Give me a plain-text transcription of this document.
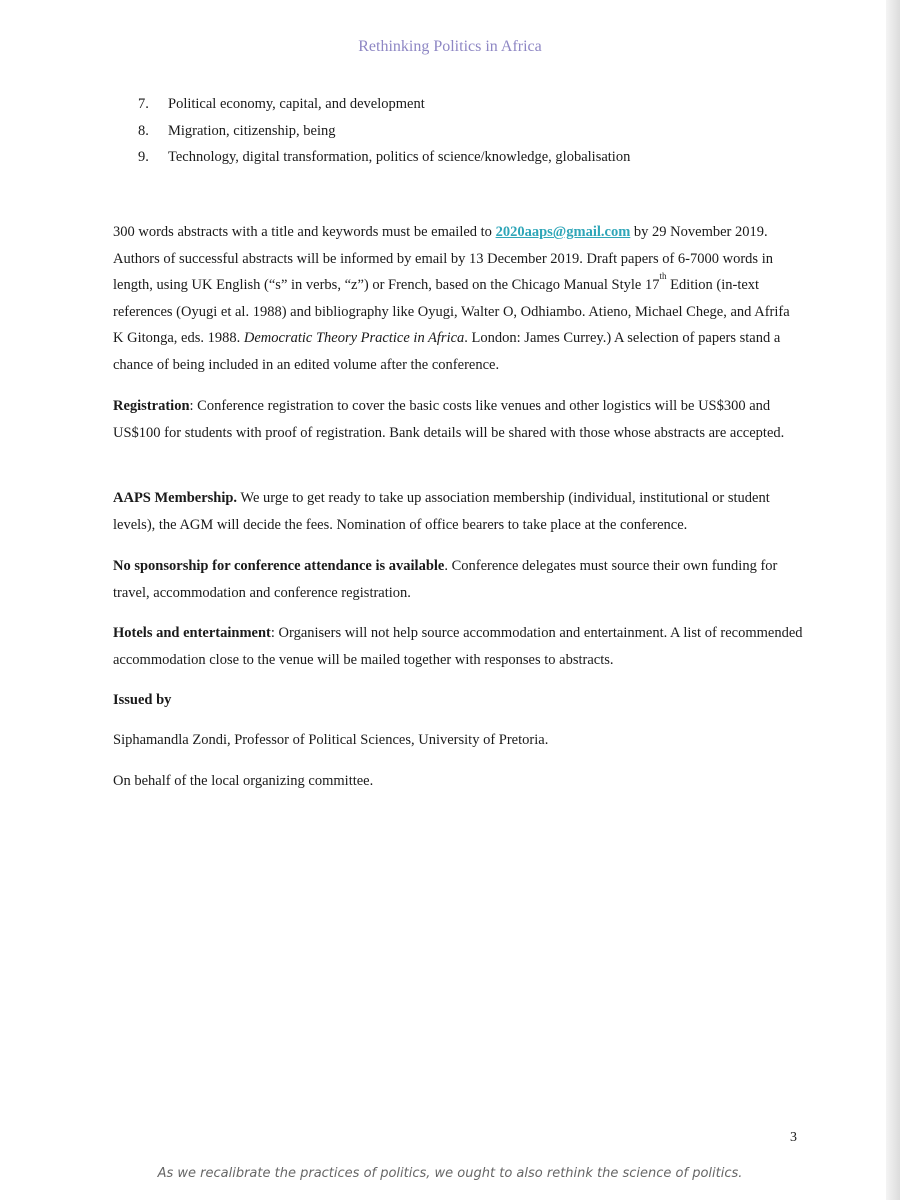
Rethinking Politics in Africa
7. Political economy, capital, and development
8. Migration, citizenship, being
9. Technology, digital transformation, politics of science/knowledge, globalisation
300 words abstracts with a title and keywords must be emailed to 2020aaps@gmail.com by 29 November 2019. Authors of successful abstracts will be informed by email by 13 December 2019. Draft papers of 6-7000 words in length, using UK English (“s” in verbs, “z”) or French, based on the Chicago Manual Style 17th Edition (in-text references (Oyugi et al. 1988) and bibliography like Oyugi, Walter O, Odhiambo. Atieno, Michael Chege, and Afrifa K Gitonga, eds. 1988. Democratic Theory Practice in Africa. London: James Currey.) A selection of papers stand a chance of being included in an edited volume after the conference.
Registration: Conference registration to cover the basic costs like venues and other logistics will be US$300 and US$100 for students with proof of registration. Bank details will be shared with those whose abstracts are accepted.
AAPS Membership. We urge to get ready to take up association membership (individual, institutional or student levels), the AGM will decide the fees. Nomination of office bearers to take place at the conference.
No sponsorship for conference attendance is available. Conference delegates must source their own funding for travel, accommodation and conference registration.
Hotels and entertainment: Organisers will not help source accommodation and entertainment. A list of recommended accommodation close to the venue will be mailed together with responses to abstracts.
Issued by
Siphamandla Zondi, Professor of Political Sciences, University of Pretoria.
On behalf of the local organizing committee.
3
As we recalibrate the practices of politics, we ought to also rethink the science of politics.
